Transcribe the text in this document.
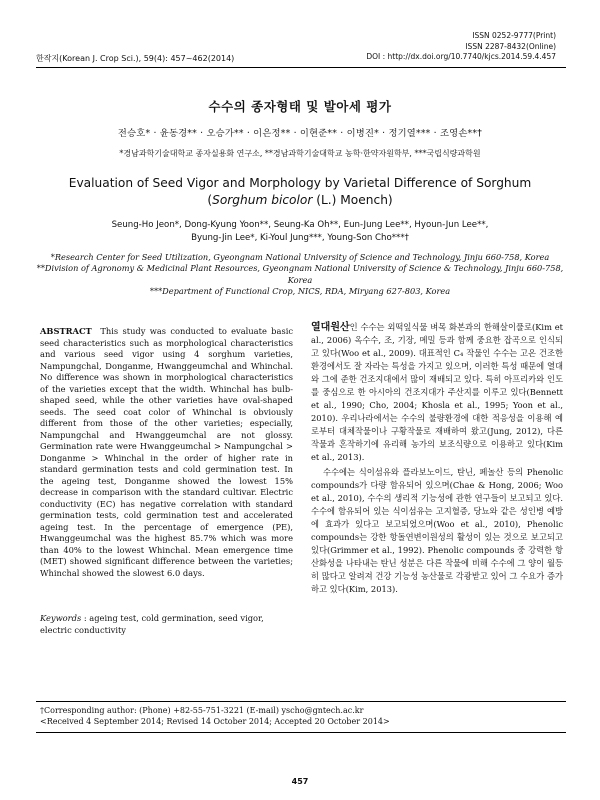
ISSN 0252-9777(Print)
ISSN 2287-8432(Online)
DOI : http://dx.doi.org/10.7740/kjcs.2014.59.4.457
한작지(Korean J. Crop Sci.), 59(4): 457~462(2014)
수수의 종자형태 및 발아세 평가
전승호* · 윤동경** · 오승가** · 이은정** · 이현준** · 이병진* · 정기열*** · 조영손**†
*경남과학기술대학교 종자실용화 연구소, **경남과학기술대학교 농학·한약자원학부, ***국립식량과학원
Evaluation of Seed Vigor and Morphology by Varietal Difference of Sorghum
(Sorghum bicolor (L.) Moench)
Seung-Ho Jeon*, Dong-Kyung Yoon**, Seung-Ka Oh**, Eun-Jung Lee**, Hyoun-Jun Lee**,
Byung-Jin Lee*, Ki-Youl Jung***, Young-Son Cho***†
*Research Center for Seed Utilization, Gyeongnam National University of Science and Technology, Jinju 660-758, Korea
**Division of Agronomy & Medicinal Plant Resources, Gyeongnam National University of Science & Technology, Jinju 660-758, Korea
***Department of Functional Crop, NICS, RDA, Miryang 627-803, Korea
ABSTRACT This study was conducted to evaluate basic seed characteristics such as morphological characteristics and various seed vigor using 4 sorghum varieties, Nampungchal, Donganme, Hwanggeumchal and Whinchal. No difference was shown in morphological characteristics of the varieties except that the width. Whinchal has bulb-shaped seed, while the other varieties have oval-shaped seeds. The seed coat color of Whinchal is obviously different from those of the other varieties; especially, Nampungchal and Hwanggeumchal are not glossy. Germination rate were Hwanggeumchal > Nampungchal > Donganme > Whinchal in the order of higher rate in standard germination tests and cold germination test. In the ageing test, Donganme showed the lowest 15% decrease in comparison with the standard cultivar. Electric conductivity (EC) has negative correlation with standard germination tests, cold germination test and accelerated ageing test. In the percentage of emergence (PE), Hwanggeumchal was the highest 85.7% which was more than 40% to the lowest Whinchal. Mean emergence time (MET) showed significant difference between the varieties; Whinchal showed the slowest 6.0 days.
Keywords : ageing test, cold germination, seed vigor, electric conductivity

열대원산인 수수는 외떡잎식물 벼목 화본과의 한해살이풀로(Kim et al., 2006) 옥수수, 조, 기장, 메밀 등과 함께 중요한 잡곡으로 인식되고 있다(Woo et al., 2009). 대표적인 C₄ 작물인 수수는 고온 건조한 환경에서도 잘 자라는 특성을 가지고 있으며, 이러한 특성 때문에 열대와 그에 준한 건조지대에서 많이 재배되고 있다. 특히 아프리카와 인도를 중심으로 한 아시아의 건조지대가 주산지를 이루고 있다(Bennett et al., 1990; Cho, 2004; Khosla et al., 1995; Yoon et al., 2010). 우리나라에서는 수수의 불량환경에 대한 적응성을 이용해 예로부터 대체작물이나 구황작물로 재배하여 왔고(Jung, 2012), 다른 작물과 혼작하기에 유리해 농가의 보조식량으로 이용하고 있다(Kim et al., 2013).

수수에는 식이섬유와 플라보노이드, 탄닌, 페놀산 등의 Phenolic compounds가 다량 함유되어 있으며(Chae & Hong, 2006; Woo et al., 2010), 수수의 생리적 기능성에 관한 연구들이 보고되고 있다. 수수에 함유되어 있는 식이섬유는 고지혈증, 당뇨와 같은 성인병 예방에 효과가 있다고 보고되었으며(Woo et al., 2010), Phenolic compounds는 강한 항돌연변이원성의 활성이 있는 것으로 보고되고 있다(Grimmer et al., 1992). Phenolic compounds 중 강력한 항산화성을 나타내는 탄닌 성분은 다른 작물에 비해 수수에 그 양이 월등히 많다고 알려져 건강 기능성 농산물로 각광받고 있어 그 수요가 증가하고 있다(Kim, 2013).

†Corresponding author: (Phone) +82-55-751-3221 (E-mail) yscho@gntech.ac.kr
<Received 4 September 2014; Revised 14 October 2014; Accepted 20 October 2014>
457
